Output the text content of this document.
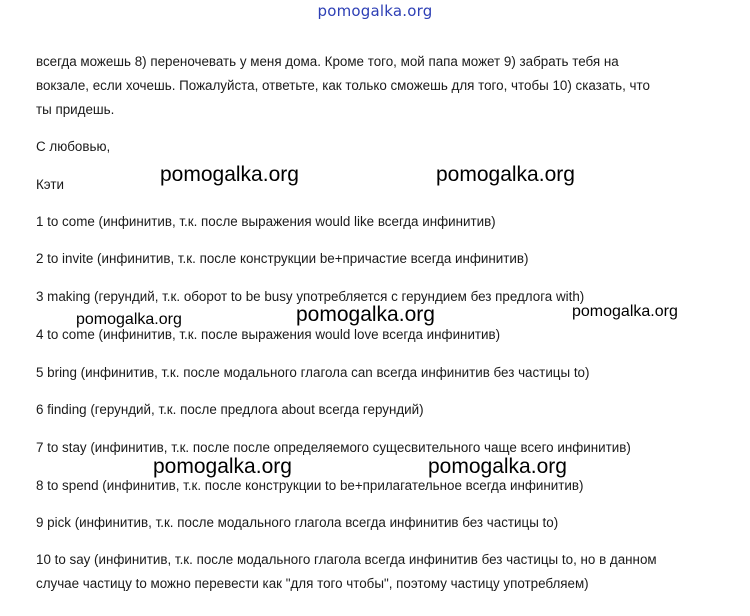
pomogalka.org
всегда можешь 8) переночевать у меня дома. Кроме того, мой папа может 9) забрать тебя на
вокзале, если хочешь. Пожалуйста, ответьте, как только сможешь для того, чтобы 10) сказать, что
ты придешь.
С любовью,
Кэти
1 to come (инфинитив, т.к. после выражения would like всегда инфинитив)
2 to invite (инфинитив, т.к. после конструкции be+причастие всегда инфинитив)
3 making (герундий, т.к. оборот to be busy употребляется с герундием без предлога with)
4 to come (инфинитив, т.к. после выражения would love всегда инфинитив)
5 bring (инфинитив, т.к. после модального глагола can всегда инфинитив без частицы to)
6 finding (герундий, т.к. после предлога about всегда герундий)
7 to stay (инфинитив, т.к. после после определяемого сущесвительного чаще всего инфинитив)
8 to spend (инфинитив, т.к. после конструкции to be+прилагательное всегда инфинитив)
9 pick (инфинитив, т.к. после модального глагола всегда инфинитив без частицы to)
10 to say (инфинитив, т.к. после модального глагола всегда инфинитив без частицы to, но в данном
случае частицу to можно перевести как "для того чтобы", поэтому частицу употребляем)
pomogalka.org	pomogalka.org
pomogalka.org	pomogalka.org	pomogalka.org
pomogalka.org	pomogalka.org
